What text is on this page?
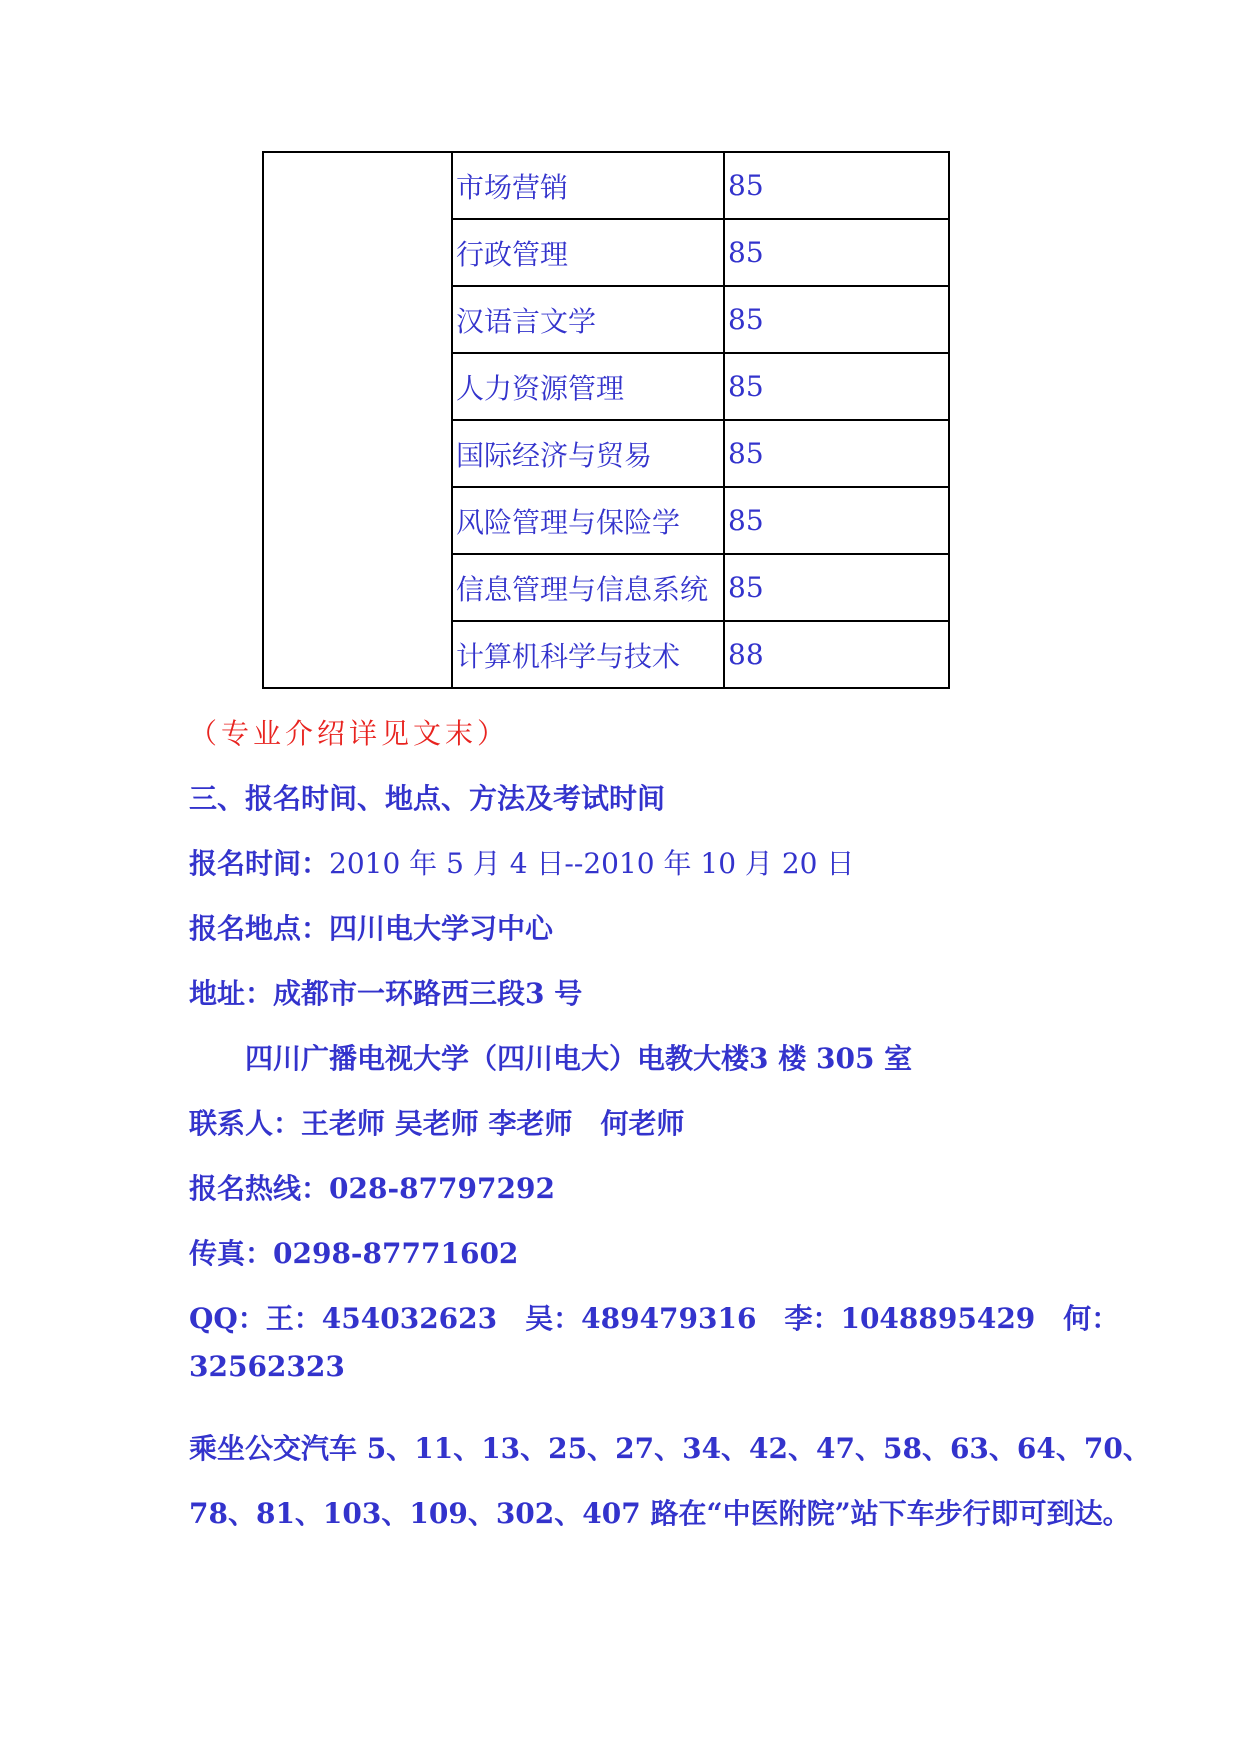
	市场营销	85
	行政管理	85
	汉语言文学	85
	人力资源管理	85
	国际经济与贸易	85
	风险管理与保险学	85
	信息管理与信息系统	85
	计算机科学与技术	88
（专业介绍详见文末）
三、报名时间、地点、方法及考试时间
报名时间：2010 年 5 月 4 日--2010 年 10 月 20 日
报名地点：四川电大学习中心
地址：成都市一环路西三段3 号
四川广播电视大学（四川电大）电教大楼3 楼 305 室
联系人：王老师 吴老师 李老师　何老师
报名热线：028-87797292
传真：0298-87771602
QQ：王：454032623　吴：489479316　李：1048895429　何：
32562323
乘坐公交汽车 5、11、13、25、27、34、42、47、58、63、64、70、
78、81、103、109、302、407 路在“中医附院”站下车步行即可到达。
